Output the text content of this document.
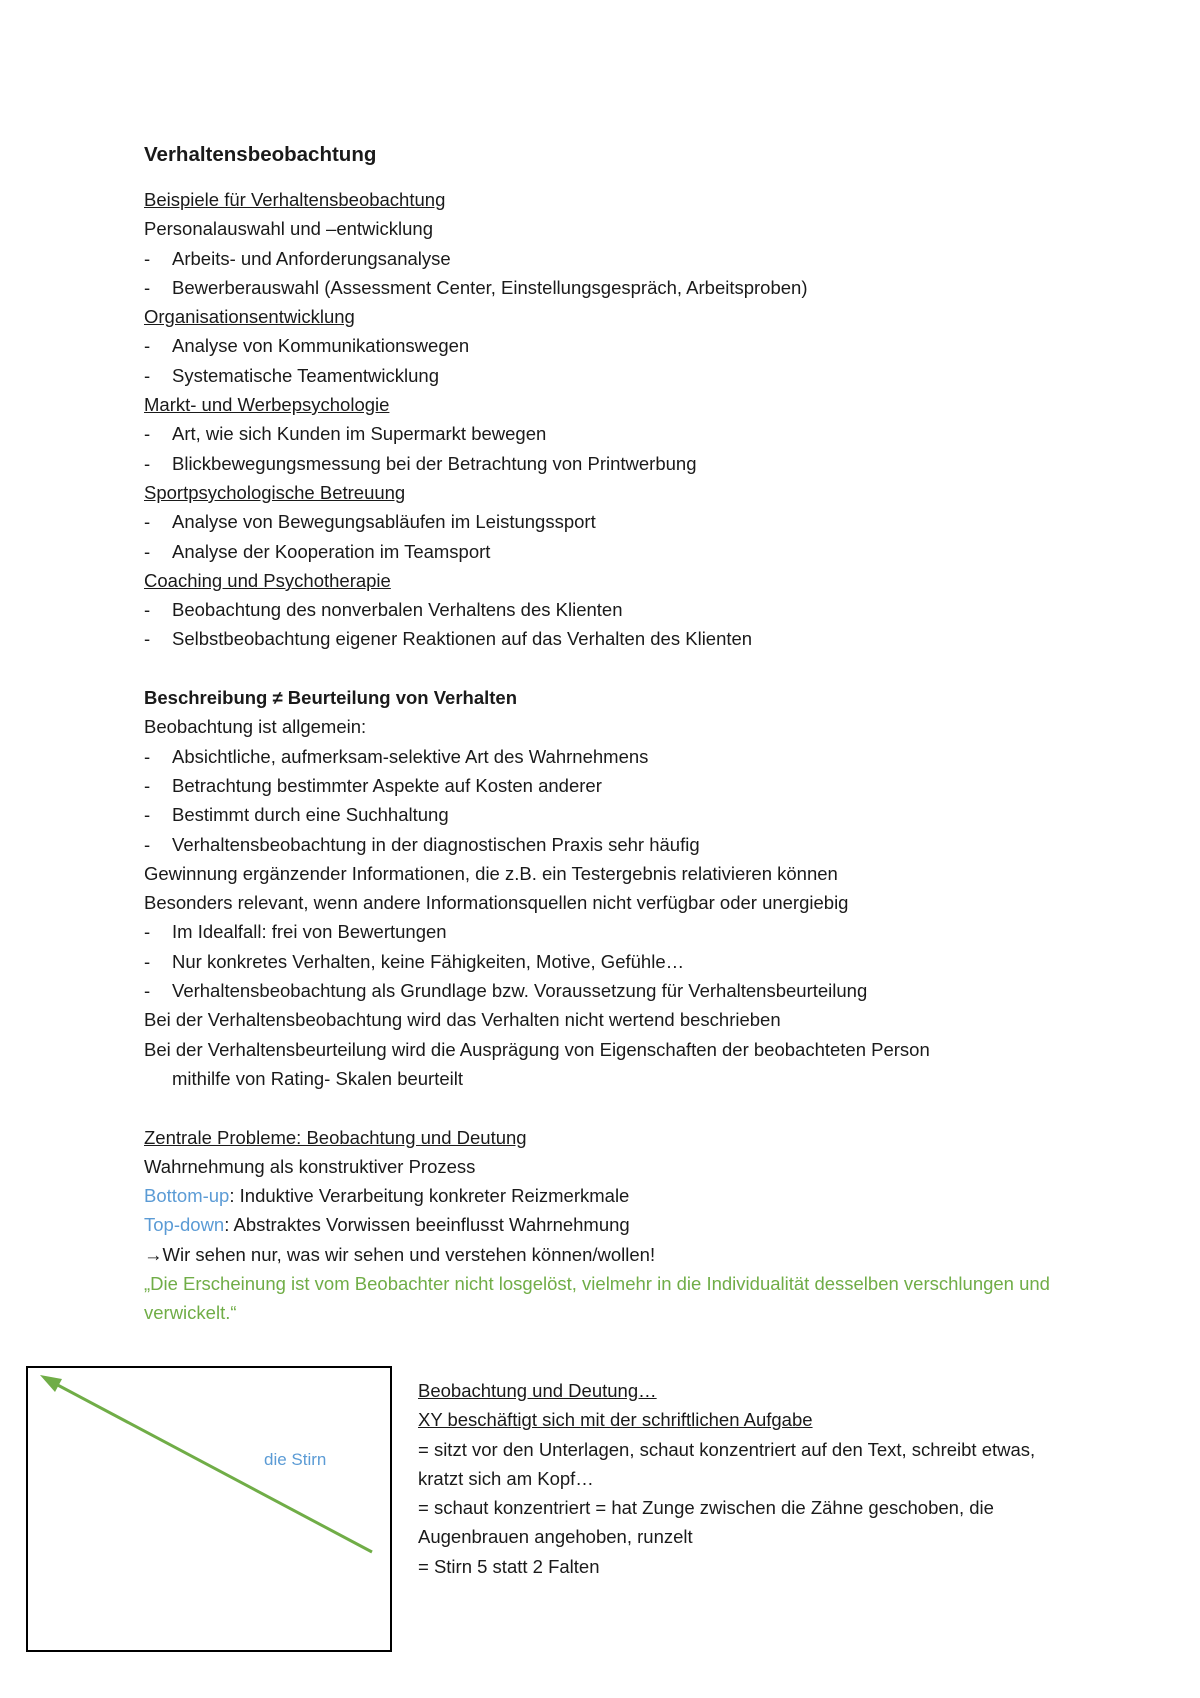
Verhaltensbeobachtung

Beispiele für Verhaltensbeobachtung

Personalauswahl und –entwicklung

- Arbeits- und Anforderungsanalyse

- Bewerberauswahl (Assessment Center, Einstellungsgespräch, Arbeitsproben)

Organisationsentwicklung

- Analyse von Kommunikationswegen

- Systematische Teamentwicklung

Markt- und Werbepsychologie

- Art, wie sich Kunden im Supermarkt bewegen

- Blickbewegungsmessung bei der Betrachtung von Printwerbung

Sportpsychologische Betreuung

- Analyse von Bewegungsabläufen im Leistungssport

- Analyse der Kooperation im Teamsport

Coaching und Psychotherapie

- Beobachtung des nonverbalen Verhaltens des Klienten

- Selbstbeobachtung eigener Reaktionen auf das Verhalten des Klienten

Beschreibung ≠ Beurteilung von Verhalten

Beobachtung ist allgemein:

- Absichtliche, aufmerksam-selektive Art des Wahrnehmens

- Betrachtung bestimmter Aspekte auf Kosten anderer

- Bestimmt durch eine Suchhaltung

- Verhaltensbeobachtung in der diagnostischen Praxis sehr häufig

Gewinnung ergänzender Informationen, die z.B. ein Testergebnis relativieren können

Besonders relevant, wenn andere Informationsquellen nicht verfügbar oder unergiebig

- Im Idealfall: frei von Bewertungen

- Nur konkretes Verhalten, keine Fähigkeiten, Motive, Gefühle…

- Verhaltensbeobachtung als Grundlage bzw. Voraussetzung für Verhaltensbeurteilung

Bei der Verhaltensbeobachtung wird das Verhalten nicht wertend beschrieben

Bei der Verhaltensbeurteilung wird die Ausprägung von Eigenschaften der beobachteten Person

mithilfe von Rating- Skalen beurteilt

Zentrale Probleme: Beobachtung und Deutung

Wahrnehmung als konstruktiver Prozess

Bottom-up: Induktive Verarbeitung konkreter Reizmerkmale

Top-down: Abstraktes Vorwissen beeinflusst Wahrnehmung

→Wir sehen nur, was wir sehen und verstehen können/wollen!

„Die Erscheinung ist vom Beobachter nicht losgelöst, vielmehr in die Individualität desselben verschlungen und verwickelt.“

die Stirn

Beobachtung und Deutung…

XY beschäftigt sich mit der schriftlichen Aufgabe

= sitzt vor den Unterlagen, schaut konzentriert auf den Text, schreibt etwas, kratzt sich am Kopf…

= schaut konzentriert = hat Zunge zwischen die Zähne geschoben, die Augenbrauen angehoben, runzelt

= Stirn 5 statt 2 Falten
